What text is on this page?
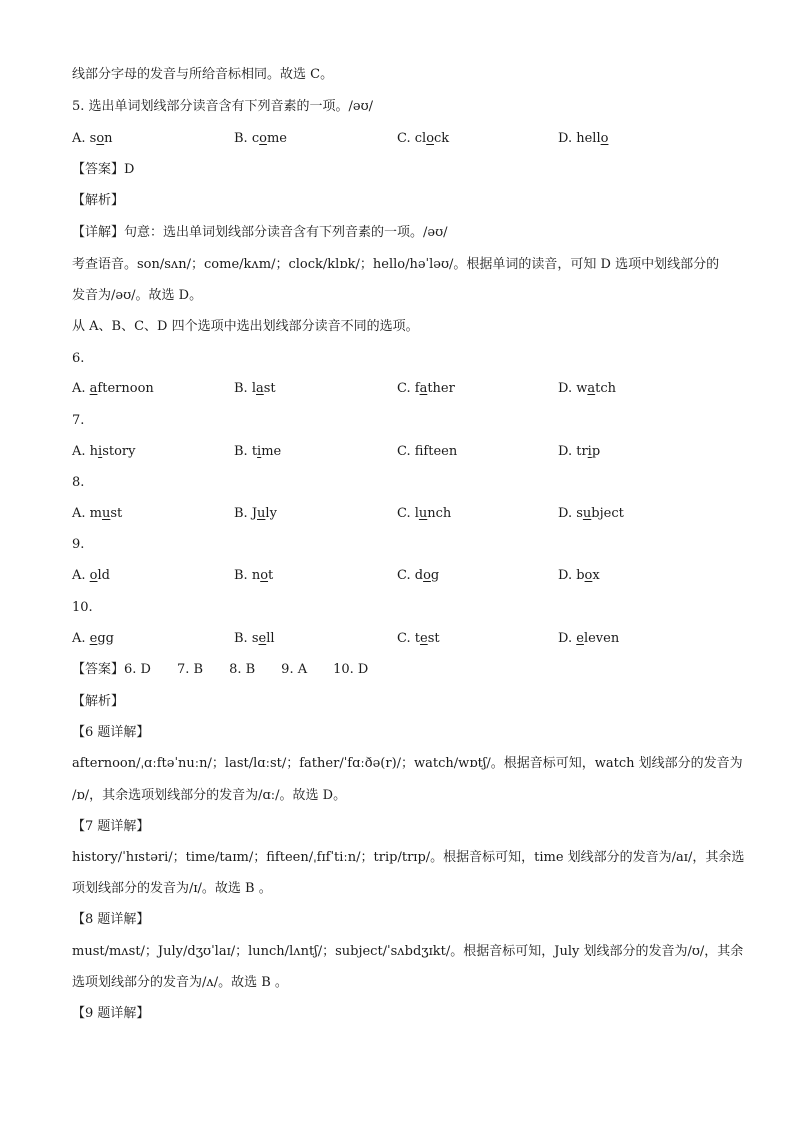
线部分字母的发音与所给音标相同。故选 C。
5. 选出单词划线部分读音含有下列音素的一项。/əʊ/
A. son	B. come	C. clock	D. hello
【答案】D
【解析】
【详解】句意：选出单词划线部分读音含有下列音素的一项。/əʊ/
考查语音。son/sʌn/；come/kʌm/；clock/klɒk/；hello/həˈləʊ/。根据单词的读音，可知 D 选项中划线部分的
发音为/əʊ/。故选 D。
从 A、B、C、D 四个选项中选出划线部分读音不同的选项。
6.
A. afternoon	B. last	C. father	D. watch
7.
A. history	B. time	C. ffteen	D. trip
8.
A. must	B. July	C. lunch	D. subject
9.
A. old	B. not	C. dog	D. box
10.
A. egg	B. sell	C. test	D. eleven
【答案】6. D 7. B 8. B 9. A 10. D
【解析】
【6 题详解】
afternoon/ˌɑːftəˈnuːn/；last/lɑːst/；father/ˈfɑːðə(r)/；watch/wɒtʃ/。根据音标可知，watch 划线部分的发音为
/ɒ/，其余选项划线部分的发音为/ɑː/。故选 D。
【7 题详解】
history/ˈhɪstəri/；time/taɪm/；fifteen/ˌfɪfˈtiːn/；trip/trɪp/。根据音标可知，time 划线部分的发音为/aɪ/，其余选
项划线部分的发音为/ɪ/。故选 B 。
【8 题详解】
must/mʌst/；July/dʒʊˈlaɪ/；lunch/lʌntʃ/；subject/ˈsʌbdʒɪkt/。根据音标可知，July 划线部分的发音为/ʊ/，其余
选项划线部分的发音为/ʌ/。故选 B 。
【9 题详解】
